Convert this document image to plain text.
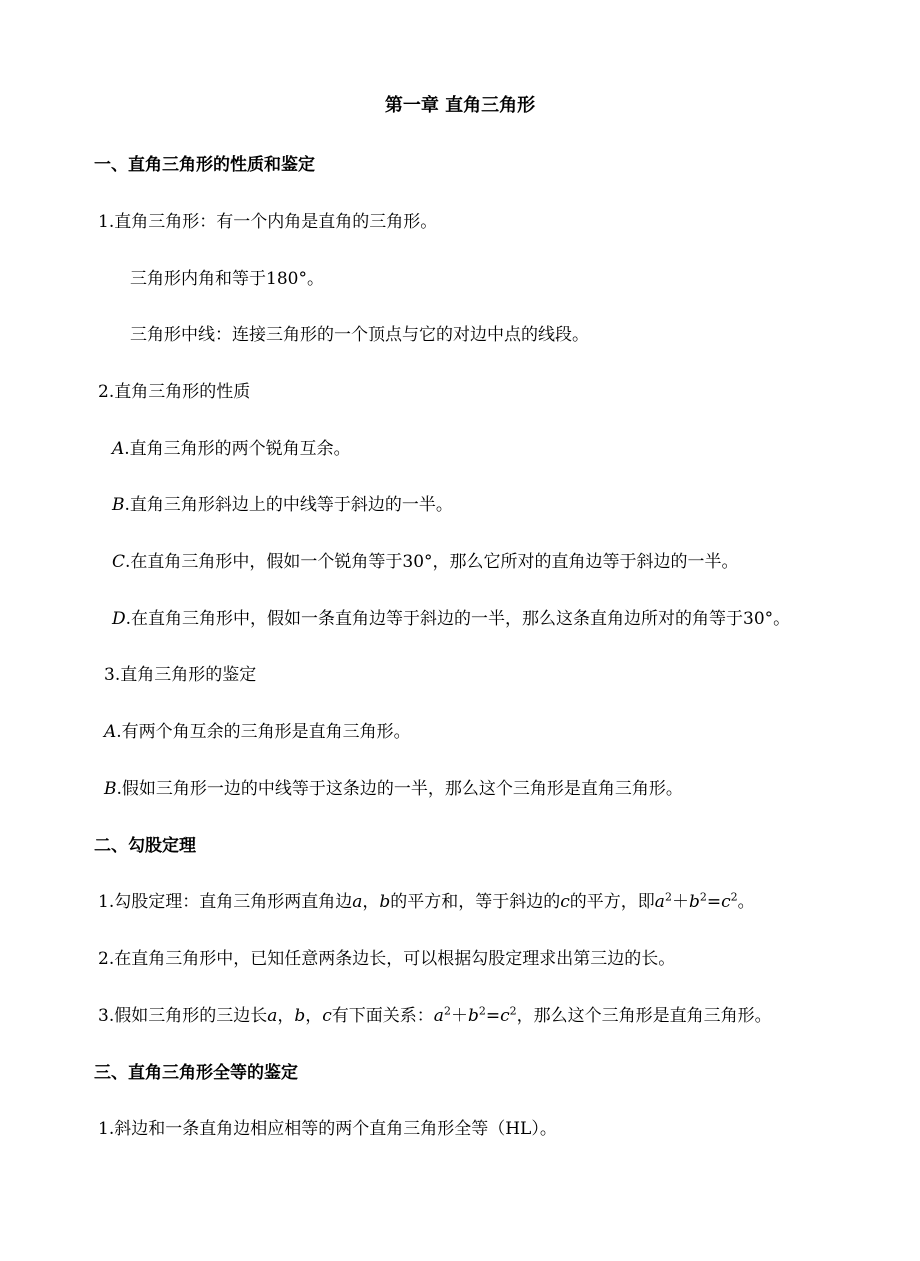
第一章 直角三角形
一、直角三角形的性质和鉴定
1.直角三角形：有一个内角是直角的三角形。
三角形内角和等于180°。
三角形中线：连接三角形的一个顶点与它的对边中点的线段。
2.直角三角形的性质
A.直角三角形的两个锐角互余。
B.直角三角形斜边上的中线等于斜边的一半。
C.在直角三角形中，假如一个锐角等于30°，那么它所对的直角边等于斜边的一半。
D.在直角三角形中，假如一条直角边等于斜边的一半，那么这条直角边所对的角等于30°。
3.直角三角形的鉴定
A.有两个角互余的三角形是直角三角形。
B.假如三角形一边的中线等于这条边的一半，那么这个三角形是直角三角形。
二、勾股定理
1.勾股定理：直角三角形两直角边a，b的平方和，等于斜边的c的平方，即$a^2+b^2=c^2$。
2.在直角三角形中，已知任意两条边长，可以根据勾股定理求出第三边的长。
3.假如三角形的三边长a，b，c有下面关系：$a^2+b^2=c^2$，那么这个三角形是直角三角形。
三、直角三角形全等的鉴定
1.斜边和一条直角边相应相等的两个直角三角形全等（HL）。
